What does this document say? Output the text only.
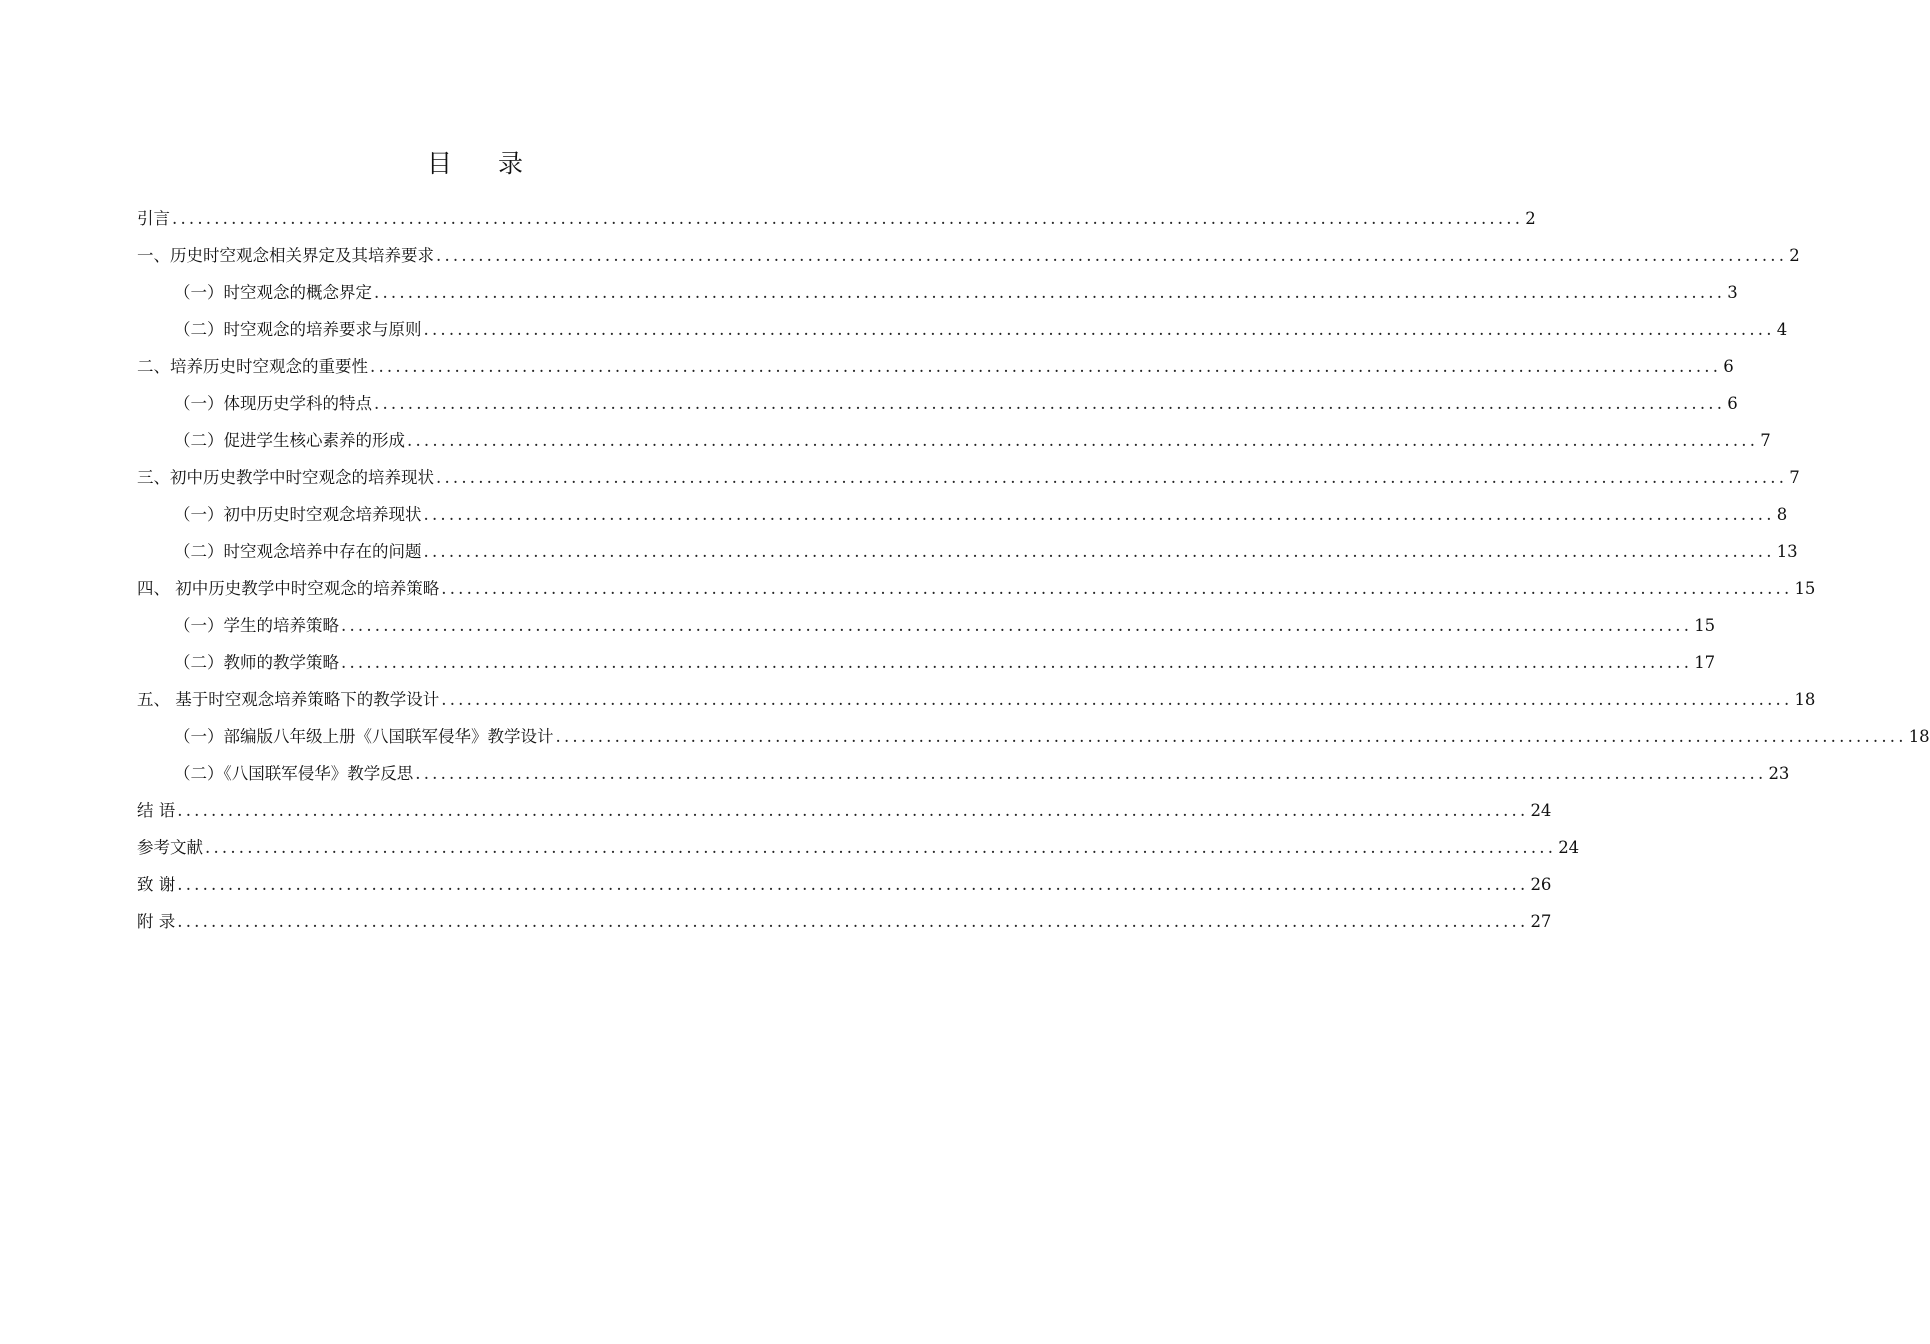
目录
引言 ................................................................................................................................................................ 2
一、历史时空观念相关界定及其培养要求 ................................................................................................................................................................ 2
（一）时空观念的概念界定 ................................................................................................................................................................ 3
（二）时空观念的培养要求与原则 ................................................................................................................................................................ 4
二、培养历史时空观念的重要性 ................................................................................................................................................................ 6
（一）体现历史学科的特点 ................................................................................................................................................................ 6
（二）促进学生核心素养的形成 ................................................................................................................................................................ 7
三、初中历史教学中时空观念的培养现状 ................................................................................................................................................................ 7
（一）初中历史时空观念培养现状 ................................................................................................................................................................ 8
（二）时空观念培养中存在的问题 ................................................................................................................................................................ 13
四、 初中历史教学中时空观念的培养策略 ................................................................................................................................................................ 15
（一）学生的培养策略 ................................................................................................................................................................ 15
（二）教师的教学策略 ................................................................................................................................................................ 17
五、 基于时空观念培养策略下的教学设计 ................................................................................................................................................................ 18
（一）部编版八年级上册《八国联军侵华》教学设计 ................................................................................................................................................................ 18
（二）《八国联军侵华》教学反思 ................................................................................................................................................................ 23
结 语 ................................................................................................................................................................ 24
参考文献 ................................................................................................................................................................ 24
致 谢 ................................................................................................................................................................ 26
附 录 ................................................................................................................................................................ 27
